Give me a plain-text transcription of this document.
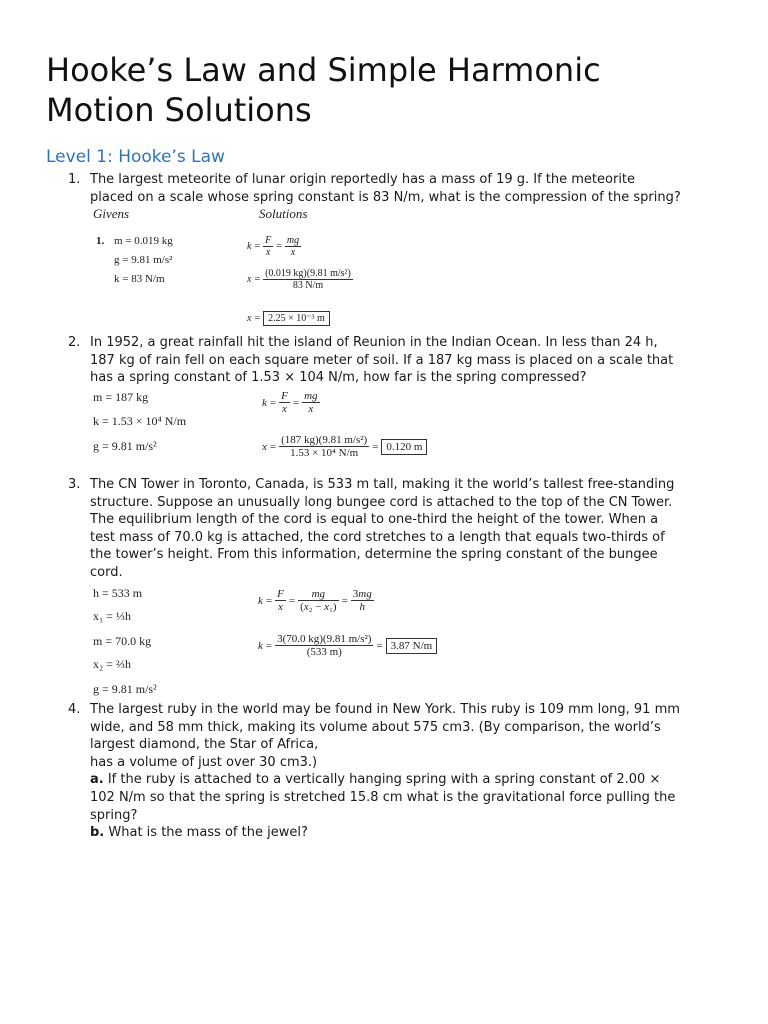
Hooke’s Law and Simple Harmonic
Motion Solutions
Level 1: Hooke’s Law
1. The largest meteorite of lunar origin reportedly has a mass of 19 g. If the meteorite
placed on a scale whose spring constant is 83 N/m, what is the compression of the spring?
Givens	Solutions
1. m = 0.019 kg
g = 9.81 m/s²
k = 83 N/m
$k = \frac{F}{x} = \frac{mg}{x}$
$x = \frac{\text{(0.019 kg)(9.81 m/s²)}}{83 N/m}$
x = 2.25 × 10⁻³ m
2. In 1952, a great rainfall hit the island of Reunion in the Indian Ocean. In less than 24 h,
187 kg of rain fell on each square meter of soil. If a 187 kg mass is placed on a scale that
has a spring constant of 1.53 × 104 N/m, how far is the spring compressed?
m = 187 kg
k = 1.53 × 10⁴ N/m
g = 9.81 m/s²
$k = \frac{F}{x} = \frac{mg}{x}$
$x = \frac{\text{(187 kg)(9.81 m/s²)}}{\text{1.53 × 10⁴ N/m}} = 0.120$ m
3. The CN Tower in Toronto, Canada, is 533 m tall, making it the world’s tallest free-standing
structure. Suppose an unusually long bungee cord is attached to the top of the CN Tower.
The equilibrium length of the cord is equal to one-third the height of the tower. When a
test mass of 70.0 kg is attached, the cord stretches to a length that equals two-thirds of
the tower’s height. From this information, determine the spring constant of the bungee
cord.
h = 533 m
x₁ = ⅓h
m = 70.0 kg
x₂ = ⅔h
g = 9.81 m/s²
$k = \frac{F}{x} = \frac{mg}{\text{(x₂ − x₁)}} = \frac{3mg}{h}$
$k = \frac{\text{3(70.0 kg)(9.81 m/s²)}}{(533 m)} = 3.87$ N/m
4. The largest ruby in the world may be found in New York. This ruby is 109 mm long, 91 mm
wide, and 58 mm thick, making its volume about 575 cm3. (By comparison, the world’s
largest diamond, the Star of Africa,
has a volume of just over 30 cm3.)
a. If the ruby is attached to a vertically hanging spring with a spring constant of 2.00 ×
102 N/m so that the spring is stretched 15.8 cm what is the gravitational force pulling the
spring?
b. What is the mass of the jewel?
